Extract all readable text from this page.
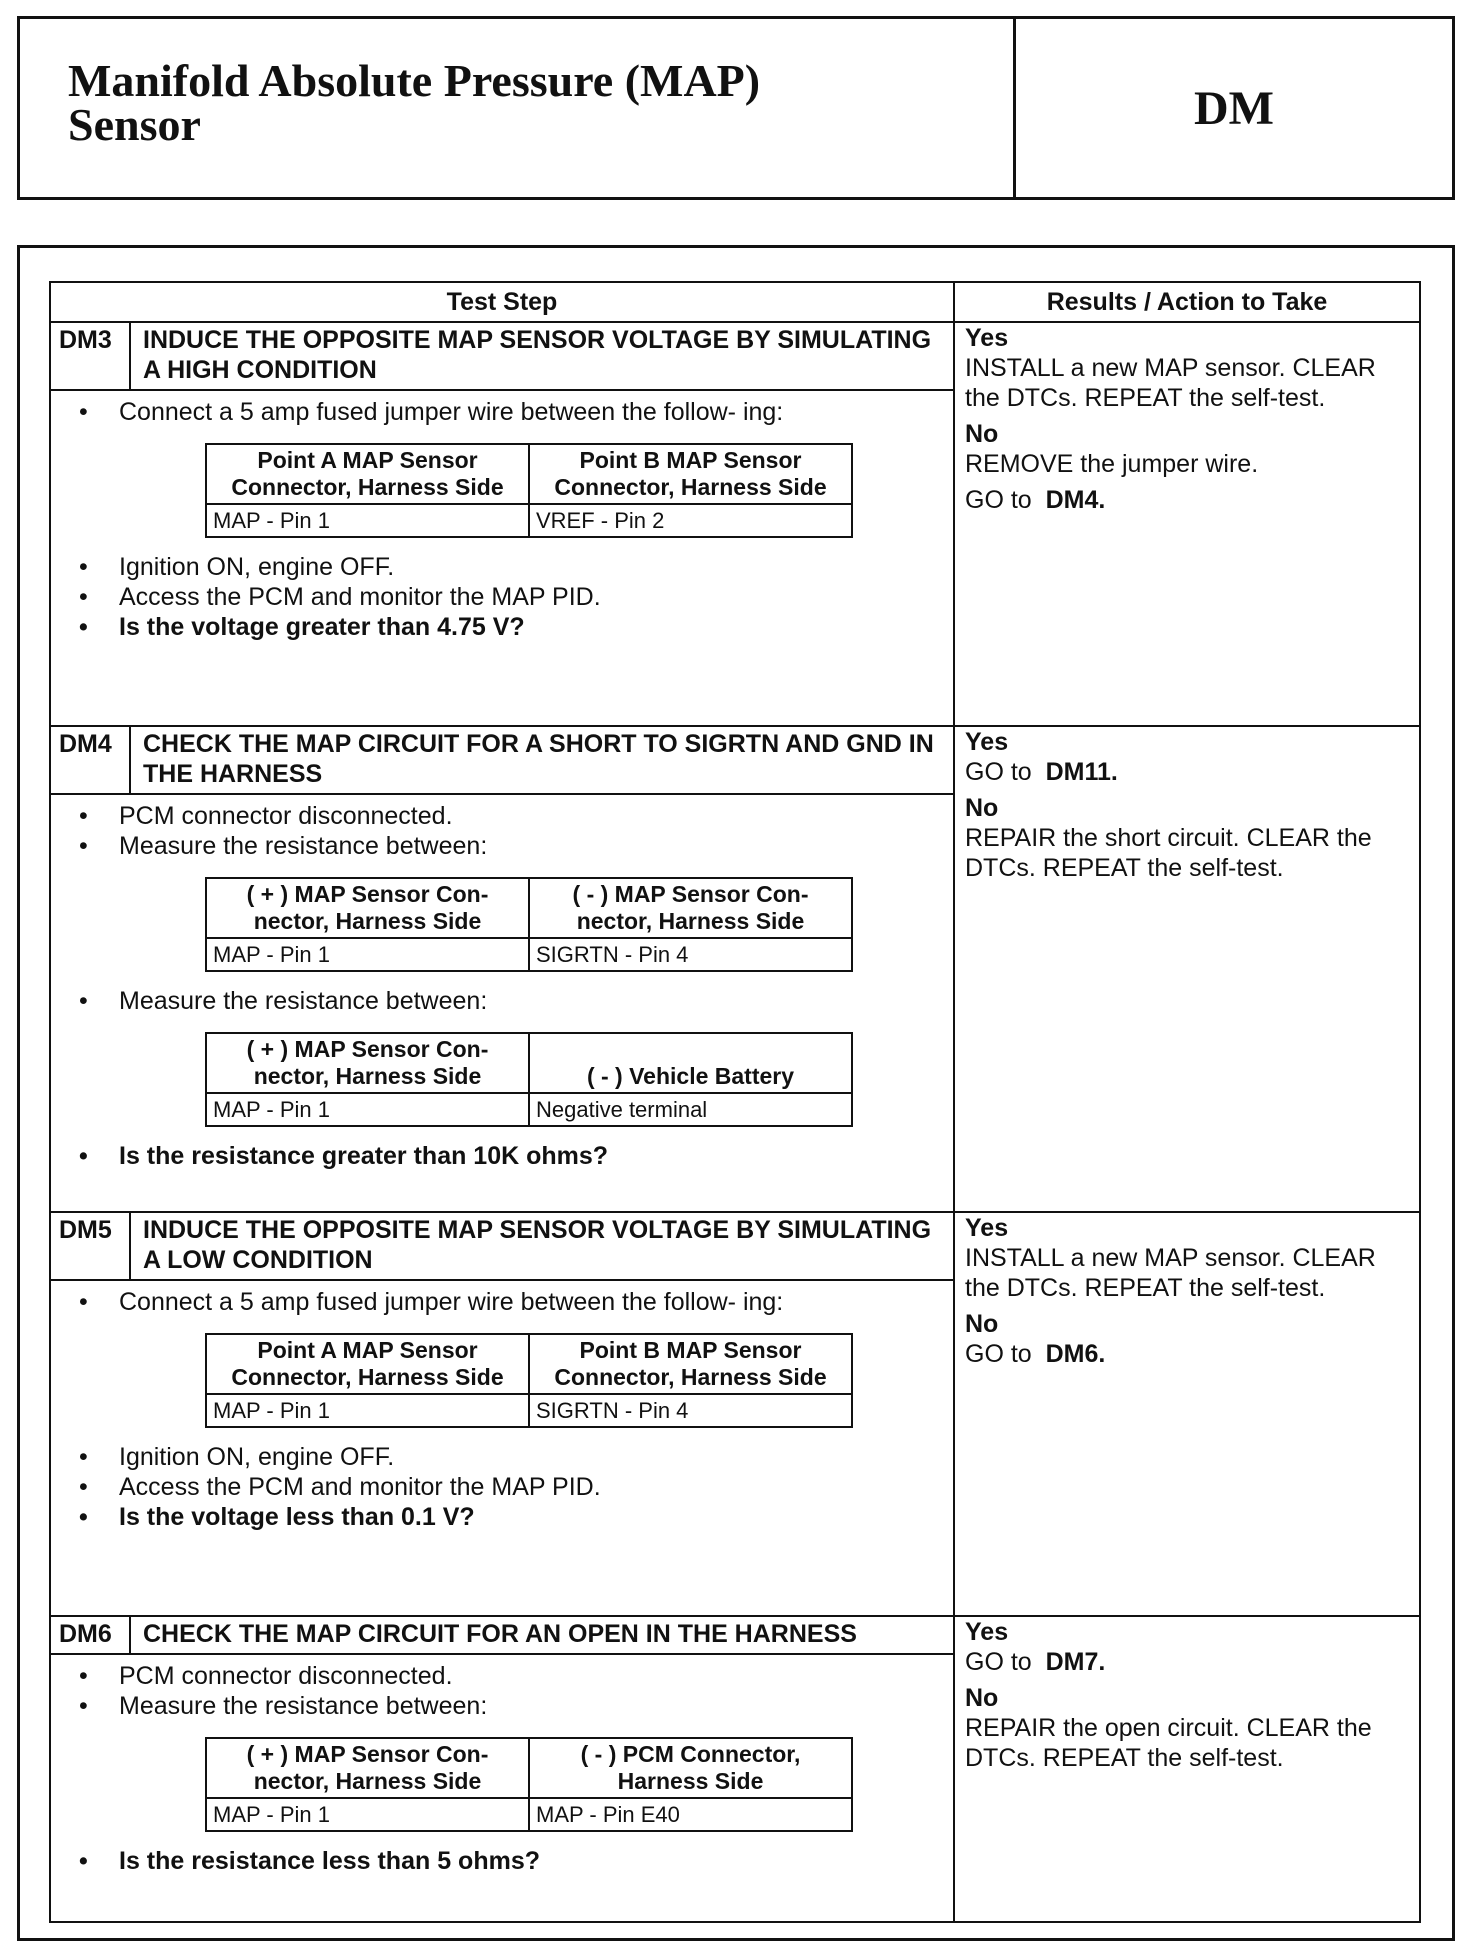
Manifold Absolute Pressure (MAP)
Sensor	DM
Test Step	Results / Action to Take

DM3	INDUCE THE OPPOSITE MAP SENSOR VOLTAGE BY SIMULATING A HIGH CONDITION
• Connect a 5 amp fused jumper wire between the follow- ing:
Point A MAP Sensor Connector, Harness Side	Point B MAP Sensor Connector, Harness Side
MAP - Pin 1	VREF - Pin 2
• Ignition ON, engine OFF.
• Access the PCM and monitor the MAP PID.
• Is the voltage greater than 4.75 V?

Yes
INSTALL a new MAP sensor. CLEAR the DTCs. REPEAT the self-test.

No
REMOVE the jumper wire.

GO to DM4.

DM4	CHECK THE MAP CIRCUIT FOR A SHORT TO SIGRTN AND GND IN THE HARNESS
• PCM connector disconnected.
• Measure the resistance between:
( + ) MAP Sensor Con- nector, Harness Side	( - ) MAP Sensor Con- nector, Harness Side
MAP - Pin 1	SIGRTN - Pin 4
• Measure the resistance between:
( + ) MAP Sensor Con- nector, Harness Side	( - ) Vehicle Battery
MAP - Pin 1	Negative terminal
• Is the resistance greater than 10K ohms?

Yes
GO to DM11.

No
REPAIR the short circuit. CLEAR the DTCs. REPEAT the self-test.

DM5	INDUCE THE OPPOSITE MAP SENSOR VOLTAGE BY SIMULATING A LOW CONDITION
• Connect a 5 amp fused jumper wire between the follow- ing:
Point A MAP Sensor Connector, Harness Side	Point B MAP Sensor Connector, Harness Side
MAP - Pin 1	SIGRTN - Pin 4
• Ignition ON, engine OFF.
• Access the PCM and monitor the MAP PID.
• Is the voltage less than 0.1 V?

Yes
INSTALL a new MAP sensor. CLEAR the DTCs. REPEAT the self-test.

No
GO to DM6.

DM6	CHECK THE MAP CIRCUIT FOR AN OPEN IN THE HARNESS
• PCM connector disconnected.
• Measure the resistance between:
( + ) MAP Sensor Con- nector, Harness Side	( - ) PCM Connector, Harness Side
MAP - Pin 1	MAP - Pin E40
• Is the resistance less than 5 ohms?

Yes
GO to DM7.

No
REPAIR the open circuit. CLEAR the DTCs. REPEAT the self-test.
